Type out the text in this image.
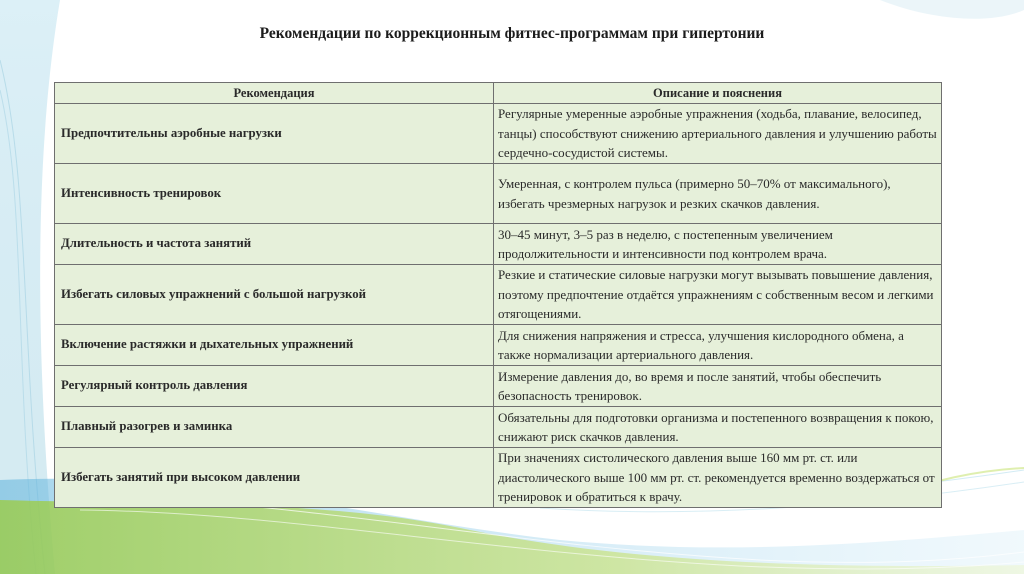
Рекомендации по коррекционным фитнес-программам при гипертонии
Рекомендация	Описание и пояснения
Предпочтительны аэробные нагрузки	Регулярные умеренные аэробные упражнения (ходьба, плавание, велосипед, танцы) способствуют снижению артериального давления и улучшению работы сердечно-сосудистой системы.
Интенсивность тренировок	Умеренная, с контролем пульса (примерно 50–70% от максимального), избегать чрезмерных нагрузок и резких скачков давления.
Длительность и частота занятий	30–45 минут, 3–5 раз в неделю, с постепенным увеличением продолжительности и интенсивности под контролем врача.
Избегать силовых упражнений с большой нагрузкой	Резкие и статические силовые нагрузки могут вызывать повышение давления, поэтому предпочтение отдаётся упражнениям с собственным весом и легкими отягощениями.
Включение растяжки и дыхательных упражнений	Для снижения напряжения и стресса, улучшения кислородного обмена, а также нормализации артериального давления.
Регулярный контроль давления	Измерение давления до, во время и после занятий, чтобы обеспечить безопасность тренировок.
Плавный разогрев и заминка	Обязательны для подготовки организма и постепенного возвращения к покою, снижают риск скачков давления.
Избегать занятий при высоком давлении	При значениях систолического давления выше 160 мм рт. ст. или диастолического выше 100 мм рт. ст. рекомендуется временно воздержаться от тренировок и обратиться к врачу.
